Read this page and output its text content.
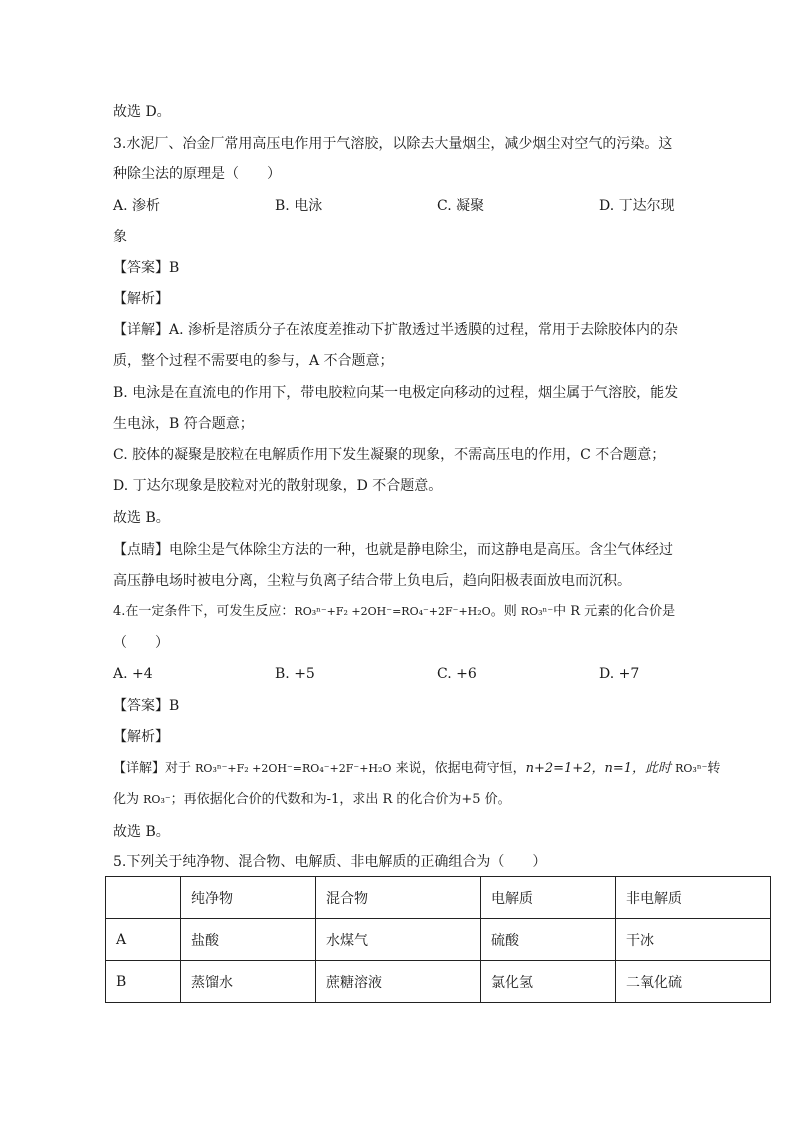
故选 D。
3.水泥厂、冶金厂常用高压电作用于气溶胶，以除去大量烟尘，减少烟尘对空气的污染。这
种除尘法的原理是（　　）
A. 渗析	B. 电泳	C. 凝聚	D. 丁达尔现
象
【答案】B
【解析】
【详解】A. 渗析是溶质分子在浓度差推动下扩散透过半透膜的过程，常用于去除胶体内的杂
质，整个过程不需要电的参与，A 不合题意；
B. 电泳是在直流电的作用下，带电胶粒向某一电极定向移动的过程，烟尘属于气溶胶，能发
生电泳，B 符合题意；
C. 胶体的凝聚是胶粒在电解质作用下发生凝聚的现象，不需高压电的作用，C 不合题意；
D. 丁达尔现象是胶粒对光的散射现象，D 不合题意。
故选 B。
【点睛】电除尘是气体除尘方法的一种，也就是静电除尘，而这静电是高压。含尘气体经过
高压静电场时被电分离，尘粒与负离子结合带上负电后，趋向阳极表面放电而沉积。
4.在一定条件下，可发生反应：RO₃ⁿ⁻+F₂ +2OH⁻=RO₄⁻+2F⁻+H₂O。则 RO₃ⁿ⁻中 R 元素的化合价是
（　　）
A. +4	B. +5	C. +6	D. +7
【答案】B
【解析】
【详解】对于 RO₃ⁿ⁻+F₂ +2OH⁻=RO₄⁻+2F⁻+H₂O 来说，依据电荷守恒，n+2=1+2，n=1，此时 RO₃ⁿ⁻转
化为 RO₃⁻；再依据化合价的代数和为-1，求出 R 的化合价为+5 价。
故选 B。
5.下列关于纯净物、混合物、电解质、非电解质的正确组合为（　　）
	纯净物	混合物	电解质	非电解质
A	盐酸	水煤气	硫酸	干冰
B	蒸馏水	蔗糖溶液	氯化氢	二氧化硫
